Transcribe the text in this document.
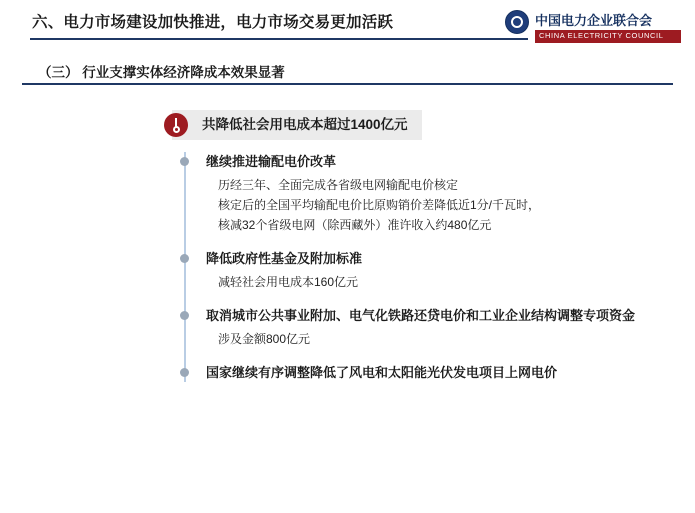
六、电力市场建设加快推进，电力市场交易更加活跃	中国电力企业联合会
CHINA ELECTRICITY COUNCIL
（三） 行业支撑实体经济降成本效果显著
共降低社会用电成本超过1400亿元
继续推进输配电价改革
历经三年、全面完成各省级电网输配电价核定
核定后的全国平均输配电价比原购销价差降低近1分/千瓦时，
核减32个省级电网（除西藏外）准许收入约480亿元
降低政府性基金及附加标准
减轻社会用电成本160亿元
取消城市公共事业附加、电气化铁路还贷电价和工业企业结构调整专项资金
涉及金额800亿元
国家继续有序调整降低了风电和太阳能光伏发电项目上网电价
